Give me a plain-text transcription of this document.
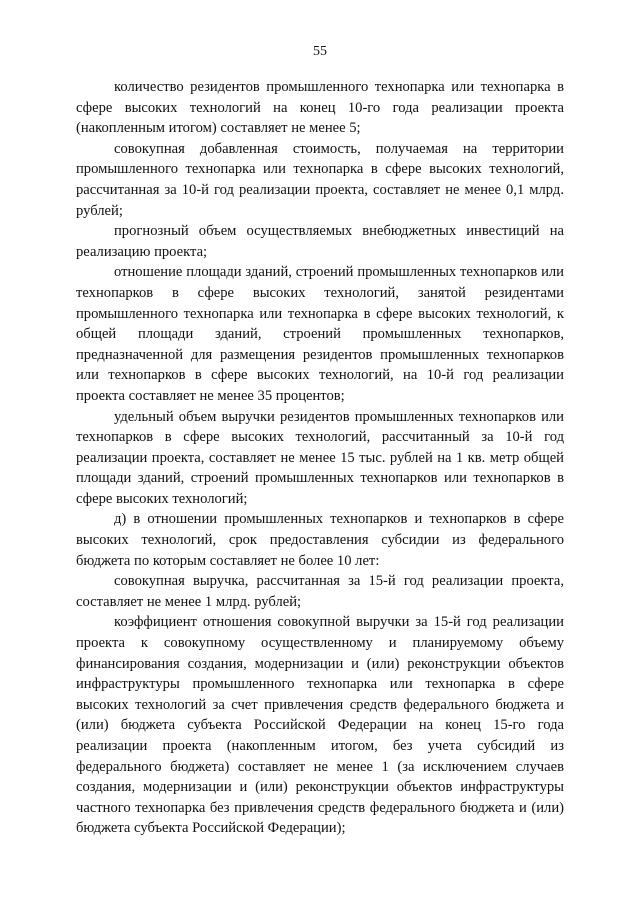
55

количество резидентов промышленного технопарка или технопарка в сфере высоких технологий на конец 10-го года реализации проекта (накопленным итогом) составляет не менее 5;

совокупная добавленная стоимость, получаемая на территории промышленного технопарка или технопарка в сфере высоких технологий, рассчитанная за 10-й год реализации проекта, составляет не менее 0,1 млрд. рублей;

прогнозный объем осуществляемых внебюджетных инвестиций на реализацию проекта;

отношение площади зданий, строений промышленных технопарков или технопарков в сфере высоких технологий, занятой резидентами промышленного технопарка или технопарка в сфере высоких технологий, к общей площади зданий, строений промышленных технопарков, предназначенной для размещения резидентов промышленных технопарков или технопарков в сфере высоких технологий, на 10-й год реализации проекта составляет не менее 35 процентов;

удельный объем выручки резидентов промышленных технопарков или технопарков в сфере высоких технологий, рассчитанный за 10-й год реализации проекта, составляет не менее 15 тыс. рублей на 1 кв. метр общей площади зданий, строений промышленных технопарков или технопарков в сфере высоких технологий;

д) в отношении промышленных технопарков и технопарков в сфере высоких технологий, срок предоставления субсидии из федерального бюджета по которым составляет не более 10 лет:

совокупная выручка, рассчитанная за 15-й год реализации проекта, составляет не менее 1 млрд. рублей;

коэффициент отношения совокупной выручки за 15-й год реализации проекта к совокупному осуществленному и планируемому объему финансирования создания, модернизации и (или) реконструкции объектов инфраструктуры промышленного технопарка или технопарка в сфере высоких технологий за счет привлечения средств федерального бюджета и (или) бюджета субъекта Российской Федерации на конец 15-го года реализации проекта (накопленным итогом, без учета субсидий из федерального бюджета) составляет не менее 1 (за исключением случаев создания, модернизации и (или) реконструкции объектов инфраструктуры частного технопарка без привлечения средств федерального бюджета и (или) бюджета субъекта Российской Федерации);
